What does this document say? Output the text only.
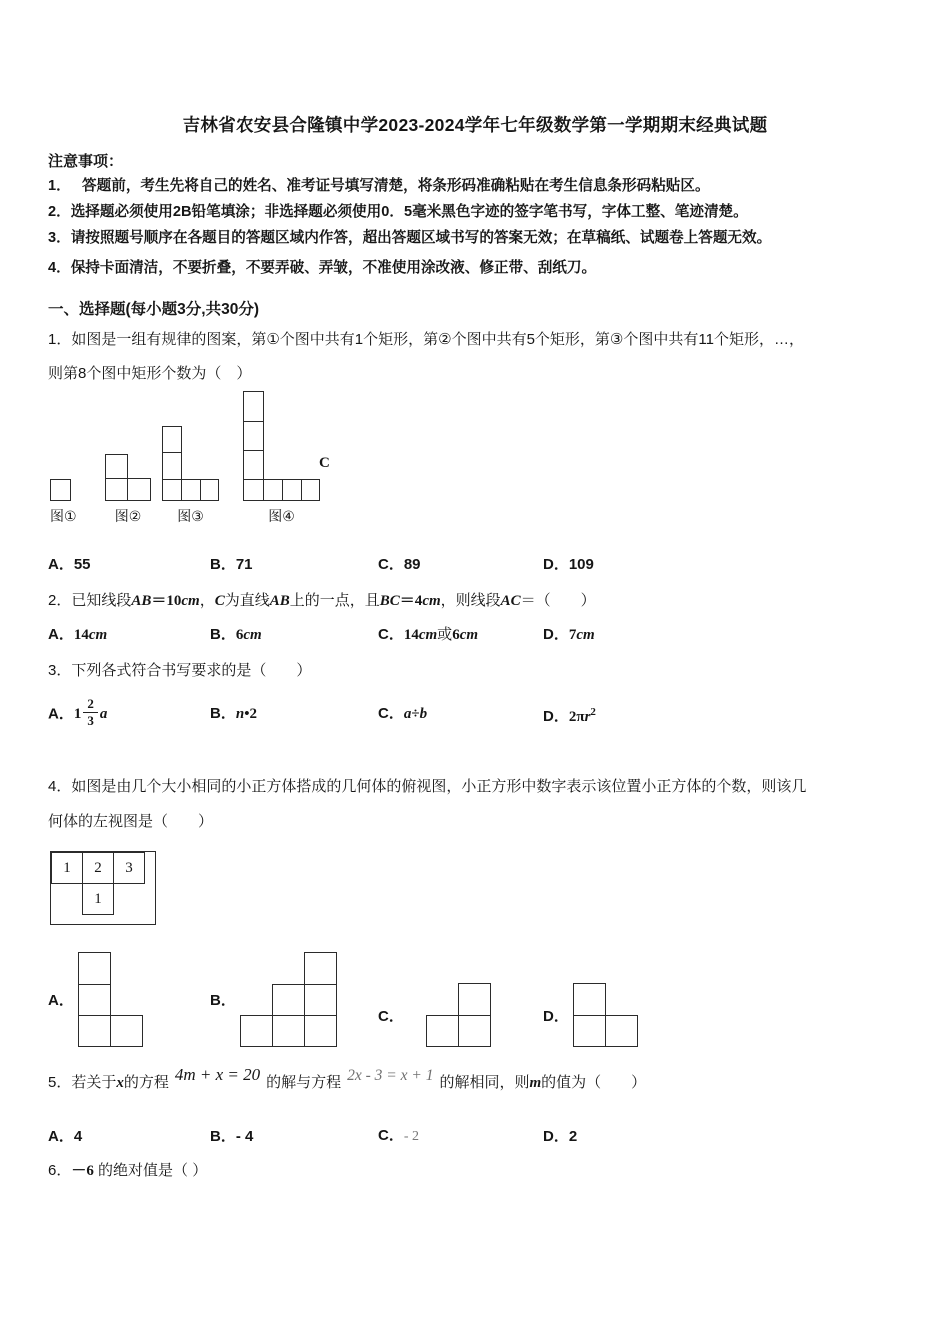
吉林省农安县合隆镇中学2023-2024学年七年级数学第一学期期末经典试题
注意事项：
1．　 答题前，考生先将自己的姓名、准考证号填写清楚，将条形码准确粘贴在考生信息条形码粘贴区。
2．选择题必须使用2B铅笔填涂；非选择题必须使用0．5毫米黑色字迹的签字笔书写，字体工整、笔迹清楚。
3．请按照题号顺序在各题目的答题区域内作答，超出答题区域书写的答案无效；在草稿纸、试题卷上答题无效。
4．保持卡面清洁，不要折叠，不要弄破、弄皱，不准使用涂改液、修正带、刮纸刀。
一、选择题(每小题3分,共30分)
1．如图是一组有规律的图案，第①个图中共有1个矩形，第②个图中共有5个矩形，第③个图中共有11个矩形，…，
则第8个图中矩形个数为（　）
图①	图②	图③
C
图④
A．55	B．71	C．89	D．109
2．已知线段AB＝10cm，C为直线AB上的一点，且BC＝4cm，则线段AC＝（　　）
A．14cm	B．6cm	C．14cm或6cm	D．7cm
3．下列各式符合书写要求的是（　　）
A．$1 \frac{2}{3}$ a	B．n•2	C．a÷b	D．$2\pi r^2$
4．如图是由几个大小相同的小正方体搭成的几何体的俯视图，小正方形中数字表示该位置小正方体的个数，则该几
何体的左视图是（　　）
1	2	3
1
A．	B．
C．	D．
5．若关于x的方程 4m + x = 20 的解与方程 2x - 3 = x + 1 的解相同，则m的值为（　　）
A．4	B．- 4	C．- 2	D．2
6．－6 的绝对值是（ ）
